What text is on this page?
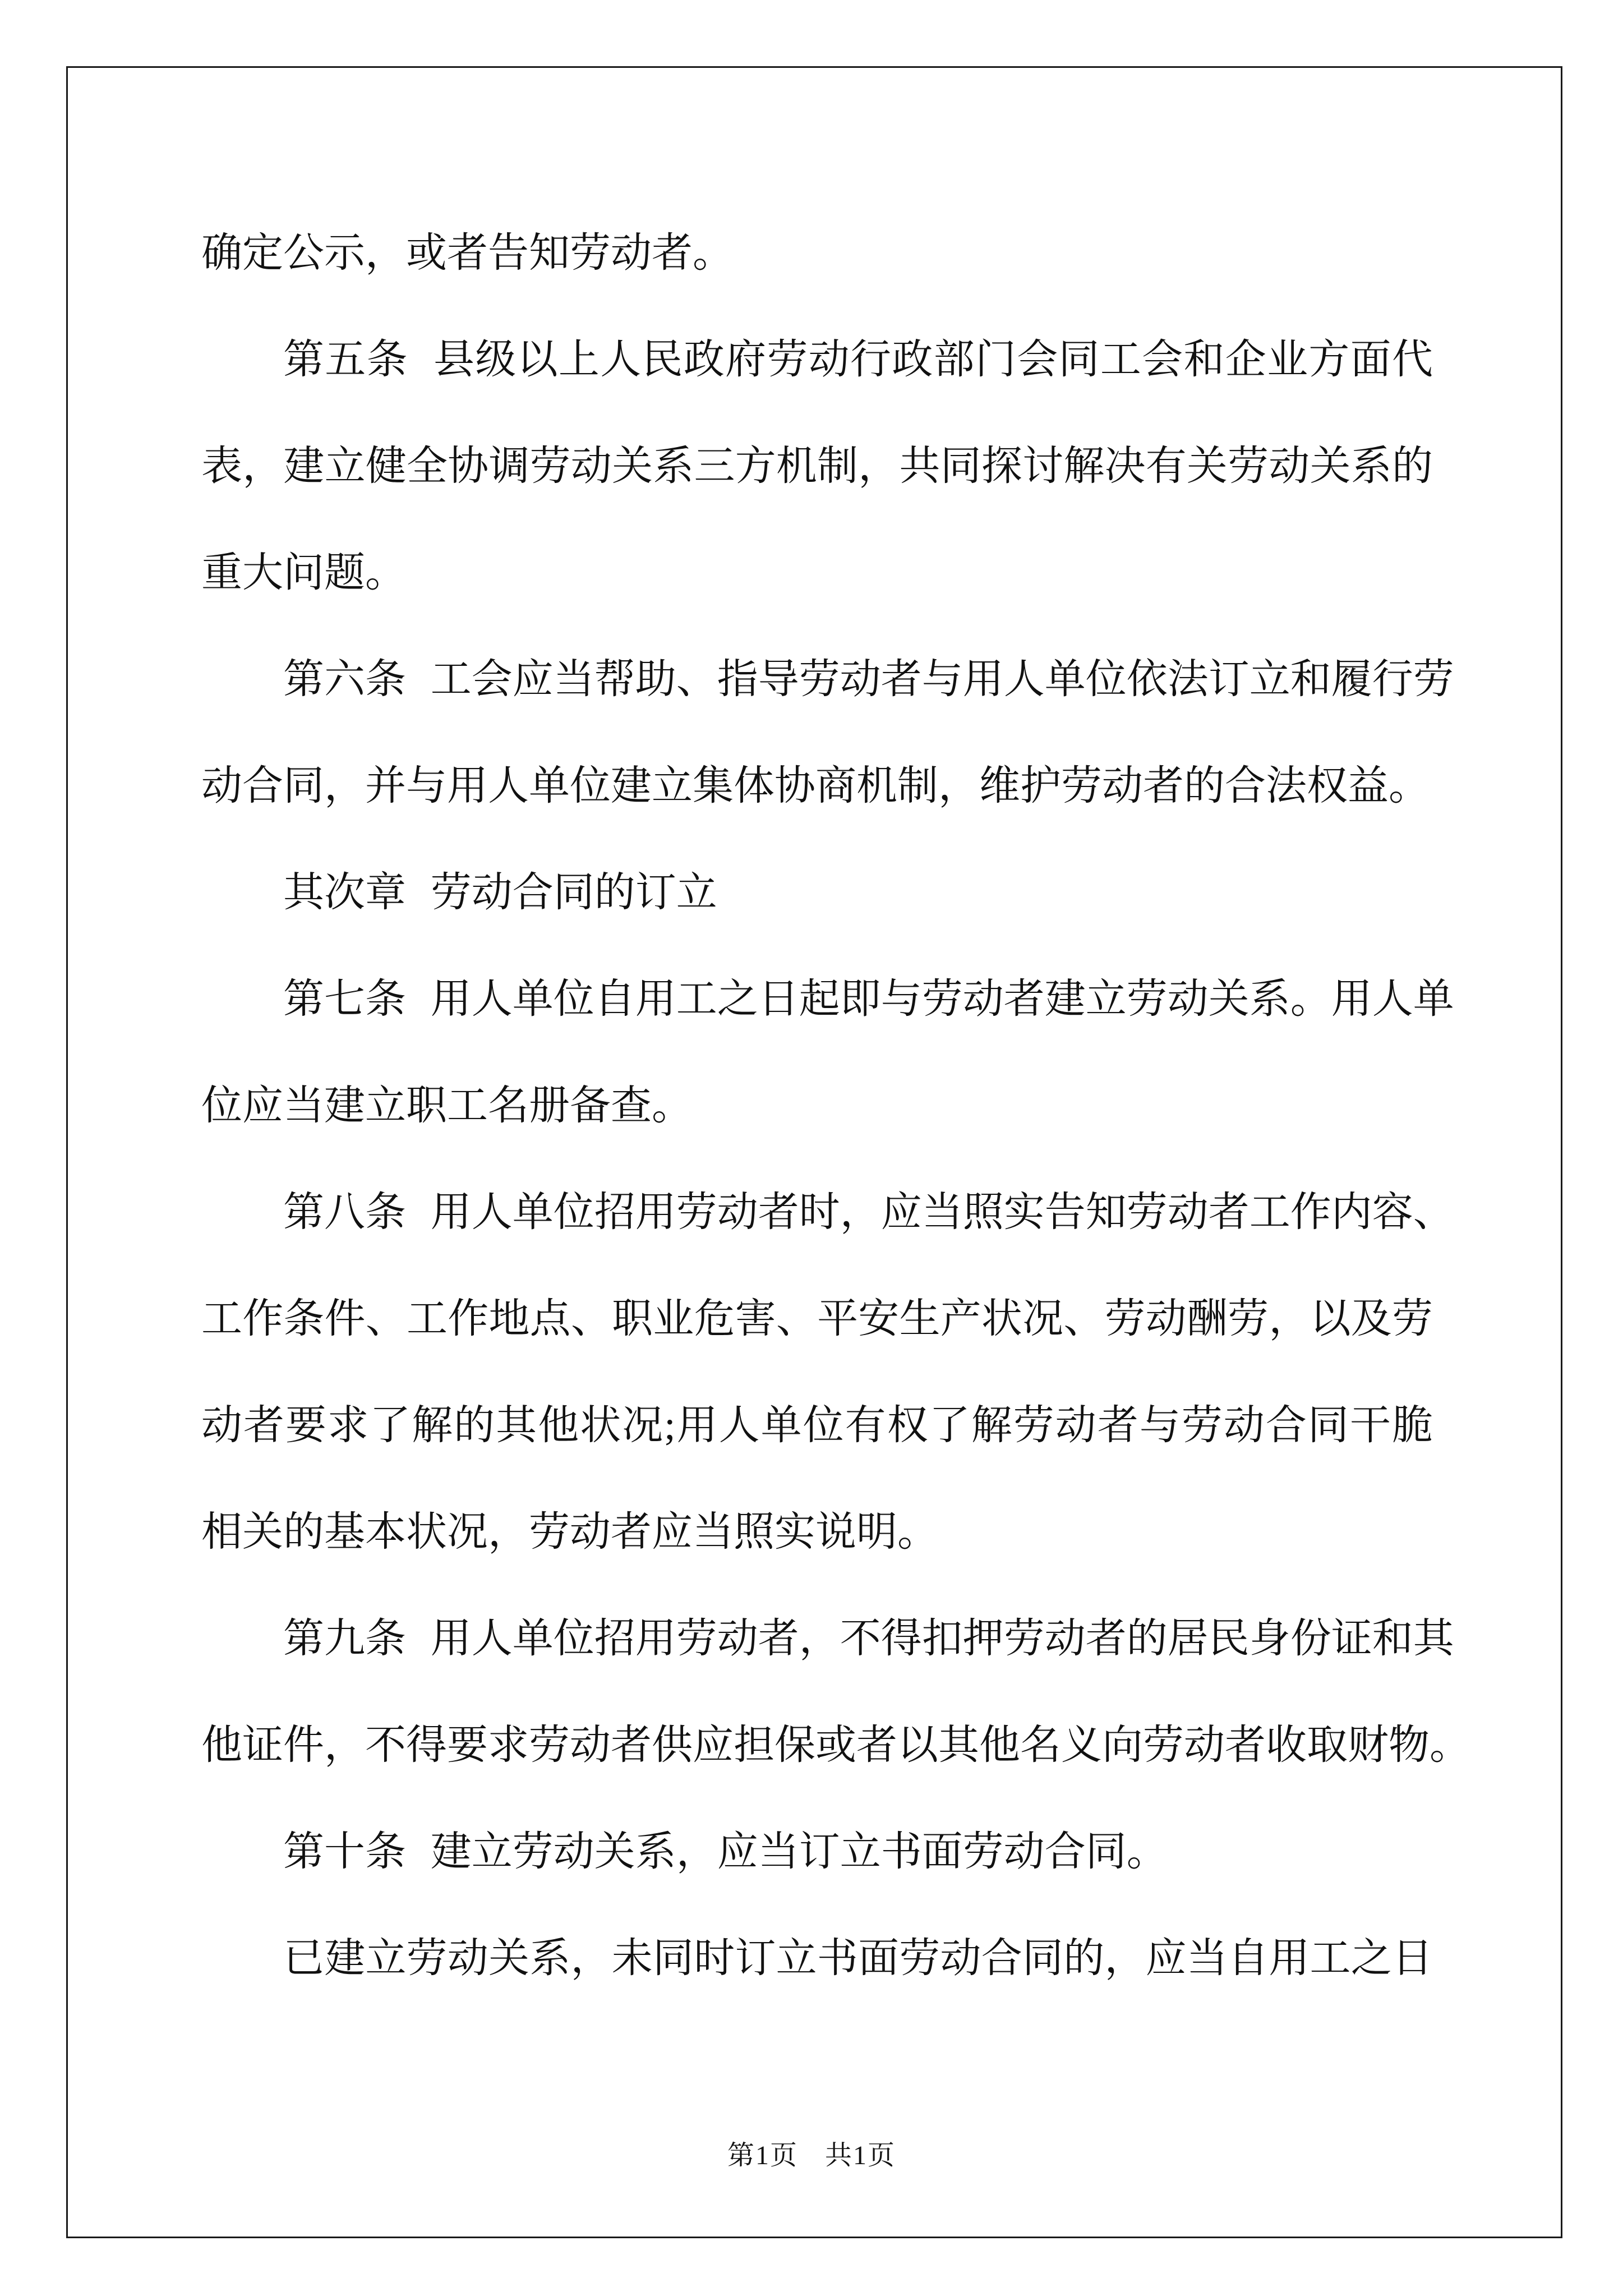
确定公示，或者告知劳动者。
第五条 县级以上人民政府劳动行政部门会同工会和企业方面代
表，建立健全协调劳动关系三方机制，共同探讨解决有关劳动关系的
重大问题。
第六条 工会应当帮助、指导劳动者与用人单位依法订立和履行劳
动合同，并与用人单位建立集体协商机制，维护劳动者的合法权益。
其次章 劳动合同的订立
第七条 用人单位自用工之日起即与劳动者建立劳动关系。用人单
位应当建立职工名册备查。
第八条 用人单位招用劳动者时，应当照实告知劳动者工作内容、
工作条件、工作地点、职业危害、平安生产状况、劳动酬劳，以及劳
动者要求了解的其他状况;用人单位有权了解劳动者与劳动合同干脆
相关的基本状况，劳动者应当照实说明。
第九条 用人单位招用劳动者，不得扣押劳动者的居民身份证和其
他证件，不得要求劳动者供应担保或者以其他名义向劳动者收取财物。
第十条 建立劳动关系，应当订立书面劳动合同。
已建立劳动关系，未同时订立书面劳动合同的，应当自用工之日
第1页 共1页
